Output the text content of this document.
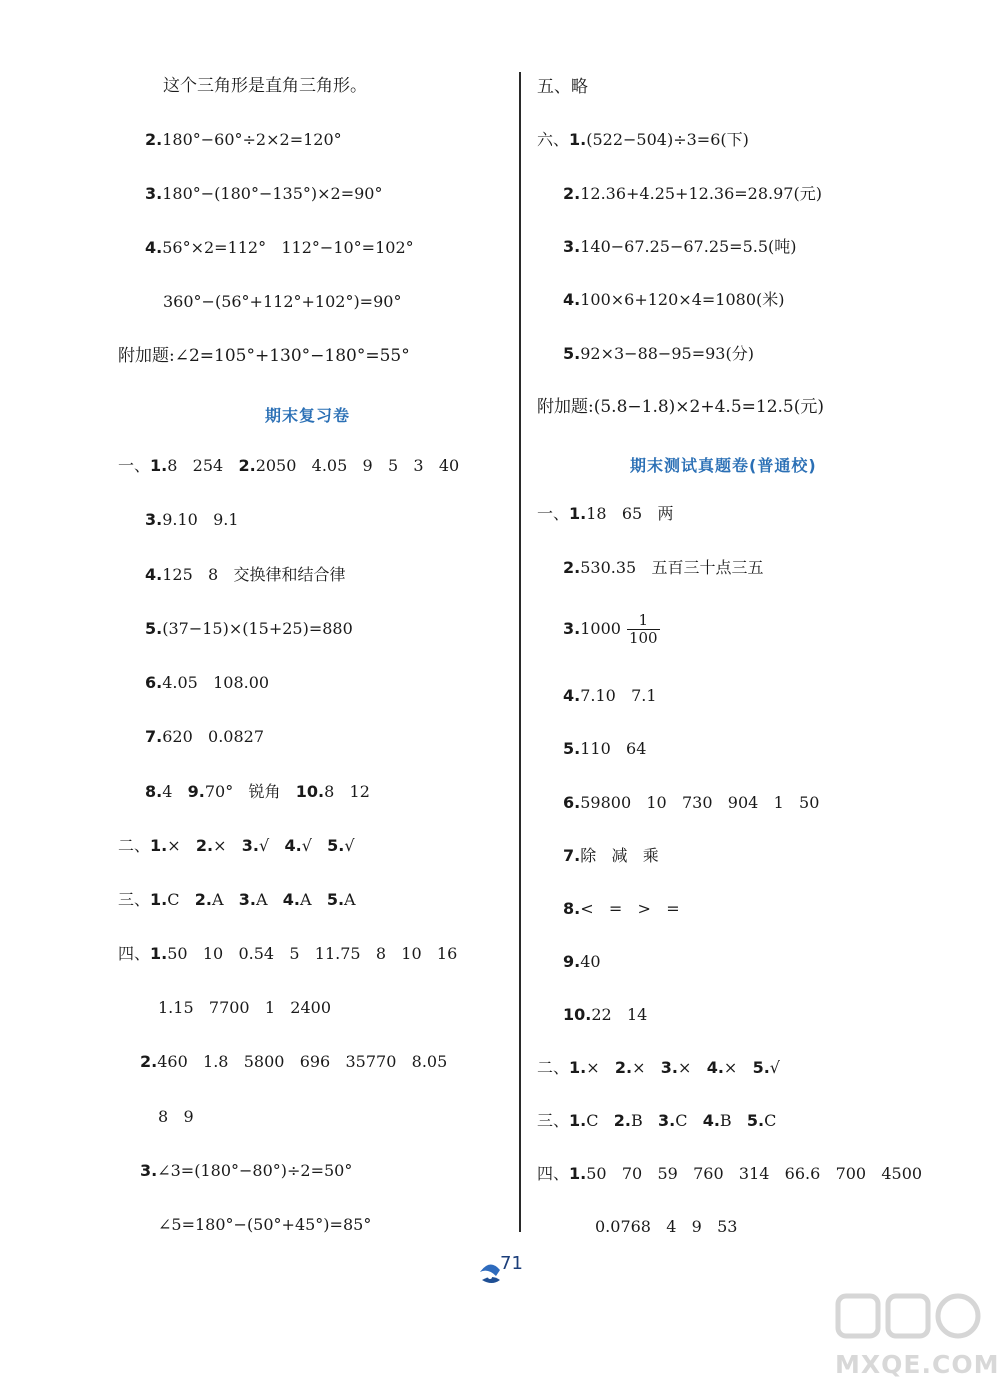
这个三角形是直角三角形。
2.180°−60°÷2×2=120°
3.180°−(180°−135°)×2=90°
4.56°×2=112°   112°−10°=102°
360°−(56°+112°+102°)=90°
附加题:∠2=105°+130°−180°=55°
期末复习卷
一、1.8   254   2.2050   4.05   9   5   3   40
3.9.10   9.1
4.125   8   交换律和结合律
5.(37−15)×(15+25)=880
6.4.05   108.00
7.620   0.0827
8.4   9.70°   锐角   10.8   12
二、1.×   2.×   3.√   4.√   5.√
三、1.C   2.A   3.A   4.A   5.A
四、1.50   10   0.54   5   11.75   8   10   16
1.15   7700   1   2400
2.460   1.8   5800   696   35770   8.05
8   9
3.∠3=(180°−80°)÷2=50°
∠5=180°−(50°+45°)=85°
五、略
六、1.(522−504)÷3=6(下)
2.12.36+4.25+12.36=28.97(元)
3.140−67.25−67.25=5.5(吨)
4.100×6+120×4=1080(米)
5.92×3−88−95=93(分)
附加题:(5.8−1.8)×2+4.5=12.5(元)
期末测试真题卷(普通校)
一、1.18   65   两
2.530.35   五百三十点三五
$3.1000 \frac{1}{100}$
4.7.10   7.1
5.110   64
6.59800   10   730   904   1   50
7.除   减   乘
8.<   =   >   =
9.40
10.22   14
二、1.×   2.×   3.×   4.×   5.√
三、1.C   2.B   3.C   4.B   5.C
四、1.50   70   59   760   314   66.6   700   4500
0.0768   4   9   53
71
MXQE.COM
